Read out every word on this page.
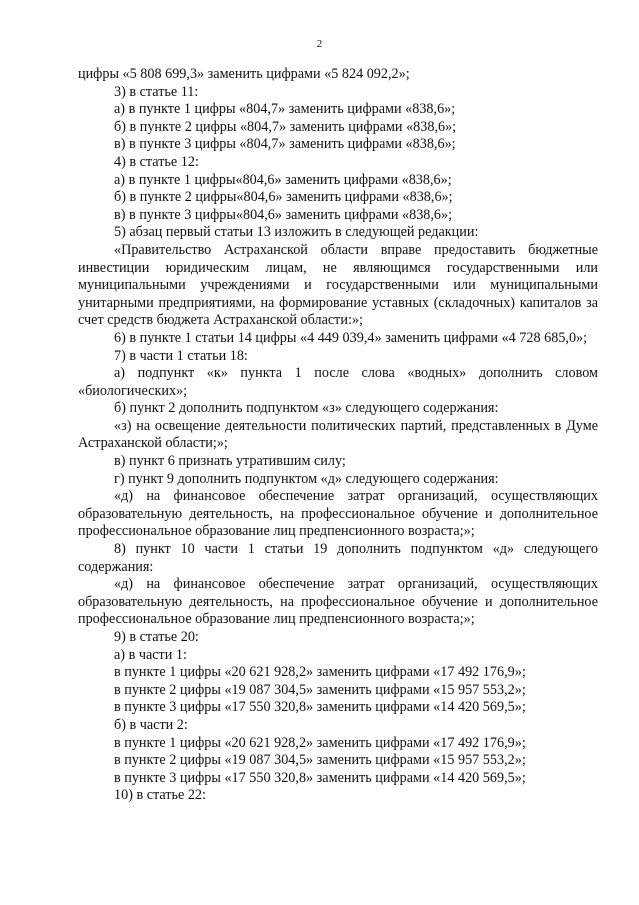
2

цифры «5 808 699,3» заменить цифрами «5 824 092,2»;

3) в статье 11:

а) в пункте 1 цифры «804,7» заменить цифрами «838,6»;

б) в пункте 2 цифры «804,7» заменить цифрами «838,6»;

в) в пункте 3 цифры «804,7» заменить цифрами «838,6»;

4) в статье 12:

а) в пункте 1 цифры«804,6» заменить цифрами «838,6»;

б) в пункте 2 цифры«804,6» заменить цифрами «838,6»;

в) в пункте 3 цифры«804,6» заменить цифрами «838,6»;

5) абзац первый статьи 13 изложить в следующей редакции:

«Правительство Астраханской области вправе предоставить бюджетные инвестиции юридическим лицам, не являющимся государственными или муниципальными учреждениями и государственными или муниципальными унитарными предприятиями, на формирование уставных (складочных) капиталов за счет средств бюджета Астраханской области:»;

6) в пункте 1 статьи 14 цифры «4 449 039,4» заменить цифрами «4 728 685,0»;

7) в части 1 статьи 18:

а) подпункт «к» пункта 1 после слова «водных» дополнить словом «биологических»;

б) пункт 2 дополнить подпунктом «з» следующего содержания:

«з) на освещение деятельности политических партий, представленных в Думе Астраханской области;»;

в) пункт 6 признать утратившим силу;

г) пункт 9 дополнить подпунктом «д» следующего содержания:

«д) на финансовое обеспечение затрат организаций, осуществляющих образовательную деятельность, на профессиональное обучение и дополнительное профессиональное образование лиц предпенсионного возраста;»;

8) пункт 10 части 1 статьи 19 дополнить подпунктом «д» следующего содержания:

«д) на финансовое обеспечение затрат организаций, осуществляющих образовательную деятельность, на профессиональное обучение и дополнительное профессиональное образование лиц предпенсионного возраста;»;

9) в статье 20:

а) в части 1:

в пункте 1 цифры «20 621 928,2» заменить цифрами «17 492 176,9»;

в пункте 2 цифры «19 087 304,5» заменить цифрами «15 957 553,2»;

в пункте 3 цифры «17 550 320,8» заменить цифрами «14 420 569,5»;

б) в части 2:

в пункте 1 цифры «20 621 928,2» заменить цифрами «17 492 176,9»;

в пункте 2 цифры «19 087 304,5» заменить цифрами «15 957 553,2»;

в пункте 3 цифры «17 550 320,8» заменить цифрами «14 420 569,5»;

10) в статье 22:
